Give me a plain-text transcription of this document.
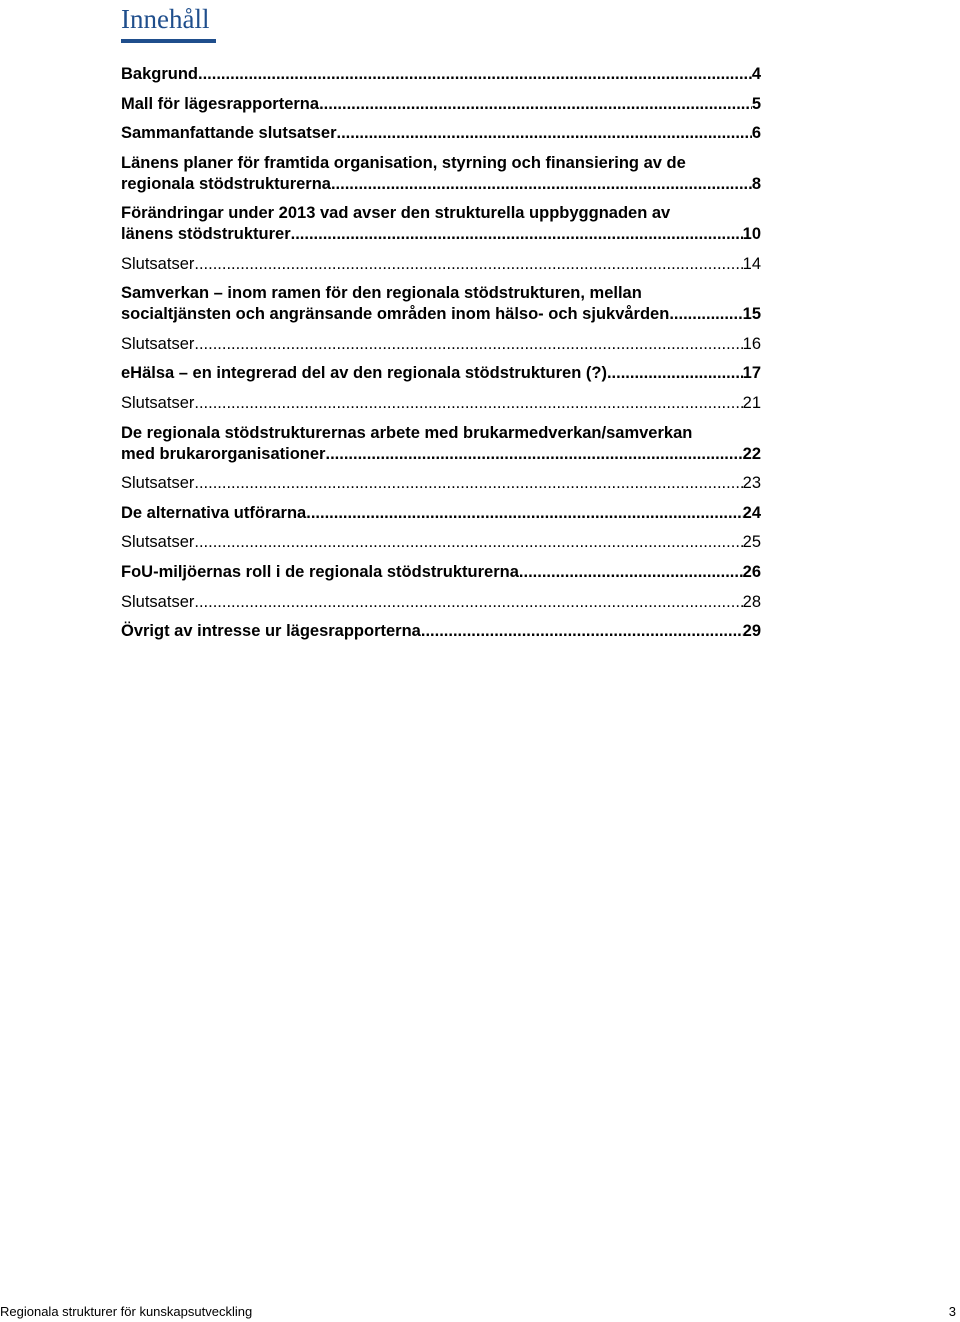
Innehåll
Bakgrund .....	4
Mall för lägesrapporterna .....	5
Sammanfattande slutsatser .....	6
Länens planer för framtida organisation, styrning och finansiering av de
regionala stödstrukturerna .....	8
Förändringar under 2013 vad avser den strukturella uppbyggnaden av
länens stödstrukturer .....	10
Slutsatser .....	14
Samverkan – inom ramen för den regionala stödstrukturen, mellan
socialtjänsten och angränsande områden inom hälso- och sjukvården .....	15
Slutsatser .....	16
eHälsa – en integrerad del av den regionala stödstrukturen (?) .....	17
Slutsatser .....	21
De regionala stödstrukturernas arbete med brukarmedverkan/samverkan
med brukarorganisationer .....	22
Slutsatser .....	23
De alternativa utförarna .....	24
Slutsatser .....	25
FoU-miljöernas roll i de regionala stödstrukturerna .....	26
Slutsatser .....	28
Övrigt av intresse ur lägesrapporterna .....	29
Regionala strukturer för kunskapsutveckling	3
